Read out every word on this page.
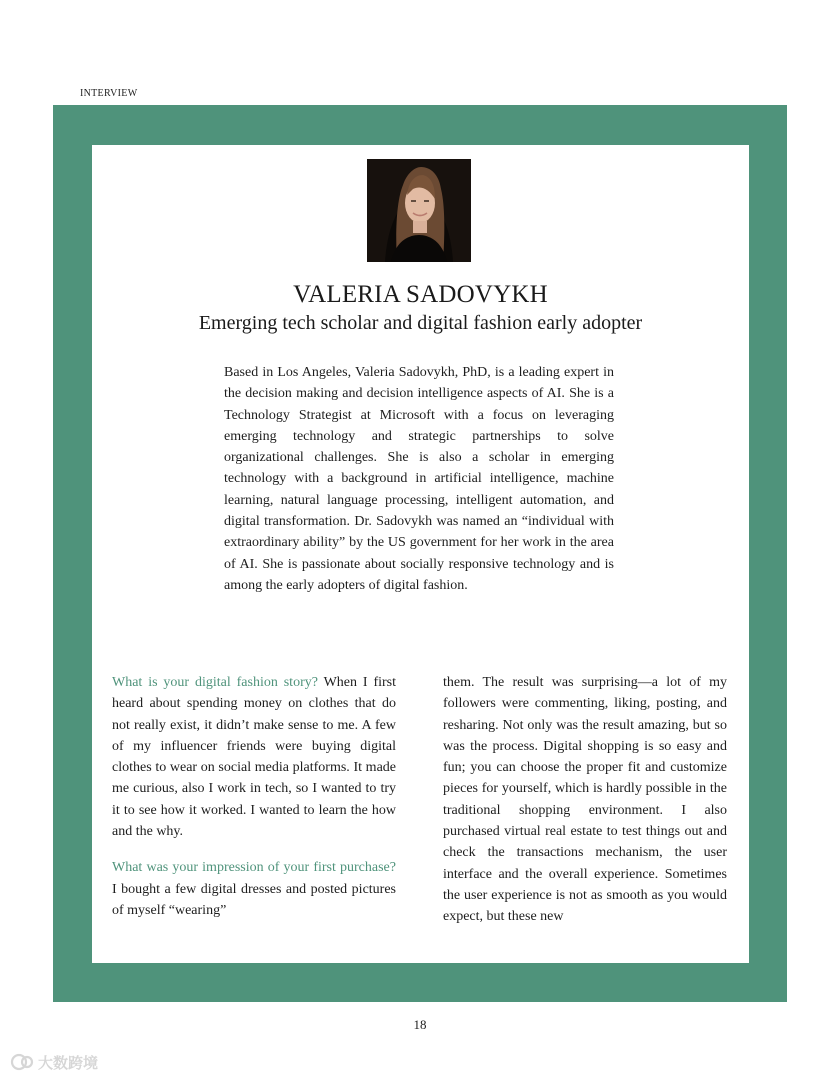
INTERVIEW
VALERIA SADOVYKH
Emerging tech scholar and digital fashion early adopter

Based in Los Angeles, Valeria Sadovykh, PhD, is a leading expert in the decision making and decision intelligence aspects of AI. She is a Technology Strategist at Microsoft with a focus on leveraging emerging technology and strategic partnerships to solve organizational challenges. She is also a scholar in emerging technology with a background in artificial intelligence, machine learning, natural language processing, intelligent automation, and digital transformation. Dr. Sadovykh was named an “individual with extraordinary ability” by the US government for her work in the area of AI. She is passionate about socially responsive technology and is among the early adopters of digital fashion.

What is your digital fashion story? When I first heard about spending money on clothes that do not really exist, it didn’t make sense to me. A few of my influencer friends were buying digital clothes to wear on social media platforms. It made me curious, also I work in tech, so I wanted to try it to see how it worked. I wanted to learn the how and the why.

What was your impression of your first purchase? I bought a few digital dresses and posted pictures of myself “wearing”

them. The result was surprising—a lot of my followers were commenting, liking, posting, and resharing. Not only was the result amazing, but so was the process. Digital shopping is so easy and fun; you can choose the proper fit and customize pieces for yourself, which is hardly possible in the traditional shopping environment. I also purchased virtual real estate to test things out and check the transactions mechanism, the user interface and the overall experience. Sometimes the user experience is not as smooth as you would expect, but these new

18
大数跨境
